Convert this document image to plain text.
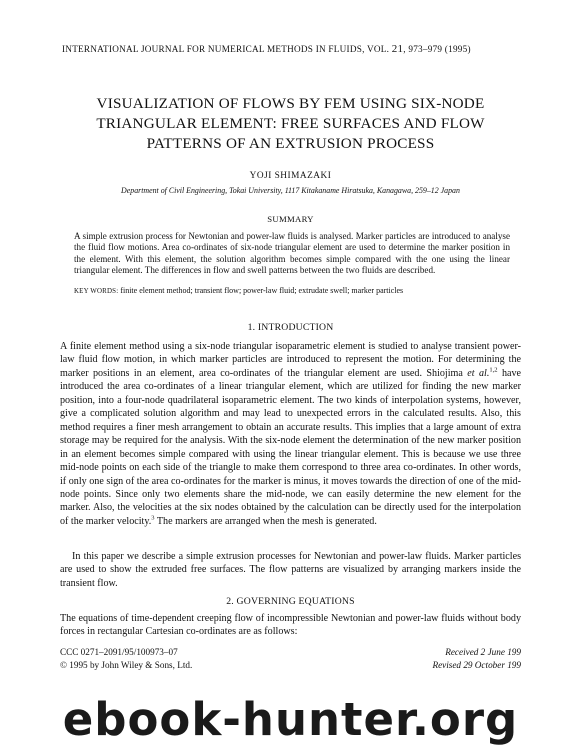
INTERNATIONAL JOURNAL FOR NUMERICAL METHODS IN FLUIDS, VOL. 21, 973–979 (1995)
VISUALIZATION OF FLOWS BY FEM USING SIX-NODE
TRIANGULAR ELEMENT: FREE SURFACES AND FLOW
PATTERNS OF AN EXTRUSION PROCESS
YOJI SHIMAZAKI
Department of Civil Engineering, Tokai University, 1117 Kitakaname Hiratsuka, Kanagawa, 259–12 Japan
SUMMARY
A simple extrusion process for Newtonian and power-law fluids is analysed. Marker particles are introduced to analyse the fluid flow motions. Area co-ordinates of six-node triangular element are used to determine the marker position in the element. With this element, the solution algorithm becomes simple compared with the one using the linear triangular element. The differences in flow and swell patterns between the two fluids are described.
KEY WORDS: finite element method; transient flow; power-law fluid; extrudate swell; marker particles
1. INTRODUCTION
A finite element method using a six-node triangular isoparametric element is studied to analyse transient power-law fluid flow motion, in which marker particles are introduced to represent the motion. For determining the marker positions in an element, area co-ordinates of the triangular element are used. Shiojima et al.$^{1,2}$ have introduced the area co-ordinates of a linear triangular element, which are utilized for finding the new marker position, into a four-node quadrilateral isoparametric element. The two kinds of interpolation systems, however, give a complicated solution algorithm and may lead to unexpected errors in the calculated results. Also, this method requires a finer mesh arrangement to obtain an accurate results. This implies that a large amount of extra storage may be required for the analysis. With the six-node element the determination of the new marker position in an element becomes simple compared with using the linear triangular element. This is because we use three mid-node points on each side of the triangle to make them correspond to three area co-ordinates. In other words, if only one sign of the area co-ordinates for the marker is minus, it moves towards the direction of one of the mid-node points. Since only two elements share the mid-node, we can easily determine the new element for the marker. Also, the velocities at the six nodes obtained by the calculation can be directly used for the interpolation of the marker velocity.$^3$ The markers are arranged when the mesh is generated.
In this paper we describe a simple extrusion processes for Newtonian and power-law fluids. Marker particles are used to show the extruded free surfaces. The flow patterns are visualized by arranging markers inside the transient flow.
2. GOVERNING EQUATIONS
The equations of time-dependent creeping flow of incompressible Newtonian and power-law fluids without body forces in rectangular Cartesian co-ordinates are as follows:
CCC 0271–2091/95/100973–07
© 1995 by John Wiley & Sons, Ltd.
Received 2 June 199
Revised 29 October 199
ebook-hunter.org
